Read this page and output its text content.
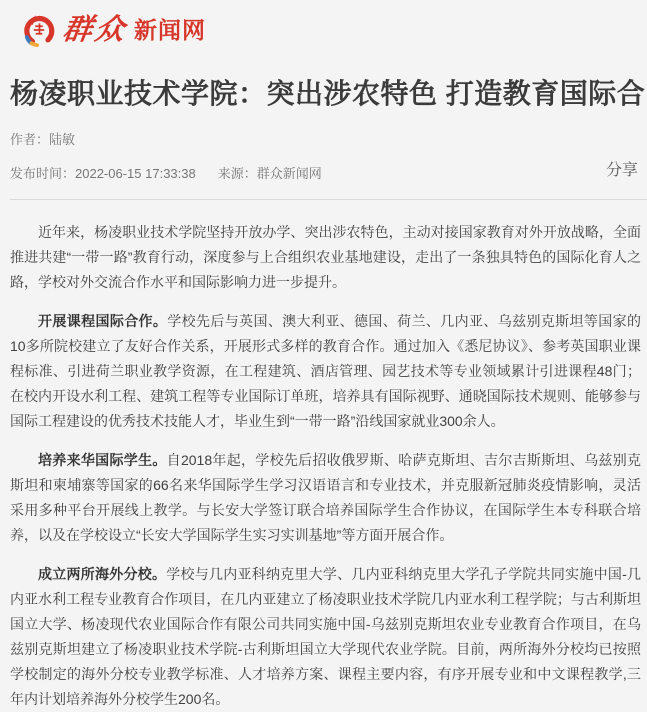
群众 新闻网
杨凌职业技术学院：突出涉农特色 打造教育国际合
作者：陆敏
发布时间：2022-06-15 17:33:38 来源：群众新闻网	分享

近年来，杨凌职业技术学院坚持开放办学、突出涉农特色，主动对接国家教育对外开放战略，全面推进共建“一带一路”教育行动，深度参与上合组织农业基地建设，走出了一条独具特色的国际化育人之路，学校对外交流合作水平和国际影响力进一步提升。

开展课程国际合作。学校先后与英国、澳大利亚、德国、荷兰、几内亚、乌兹别克斯坦等国家的10多所院校建立了友好合作关系，开展形式多样的教育合作。通过加入《悉尼协议》、参考英国职业课程标准、引进荷兰职业教学资源，在工程建筑、酒店管理、园艺技术等专业领域累计引进课程48门；在校内开设水利工程、建筑工程等专业国际订单班，培养具有国际视野、通晓国际技术规则、能够参与国际工程建设的优秀技术技能人才，毕业生到“一带一路”沿线国家就业300余人。

培养来华国际学生。自2018年起，学校先后招收俄罗斯、哈萨克斯坦、吉尔吉斯斯坦、乌兹别克斯坦和柬埔寨等国家的66名来华国际学生学习汉语语言和专业技术，并克服新冠肺炎疫情影响，灵活采用多种平台开展线上教学。与长安大学签订联合培养国际学生合作协议，在国际学生本专科联合培养，以及在学校设立“长安大学国际学生实习实训基地”等方面开展合作。

成立两所海外分校。学校与几内亚科纳克里大学、几内亚科纳克里大学孔子学院共同实施中国-几内亚水利工程专业教育合作项目，在几内亚建立了杨凌职业技术学院几内亚水利工程学院；与古利斯坦国立大学、杨凌现代农业国际合作有限公司共同实施中国-乌兹别克斯坦农业专业教育合作项目，在乌兹别克斯坦建立了杨凌职业技术学院-古利斯坦国立大学现代农业学院。目前，两所海外分校均已按照学校制定的海外分校专业教学标准、人才培养方案、课程主要内容，有序开展专业和中文课程教学,三年内计划培养海外分校学生200名。
